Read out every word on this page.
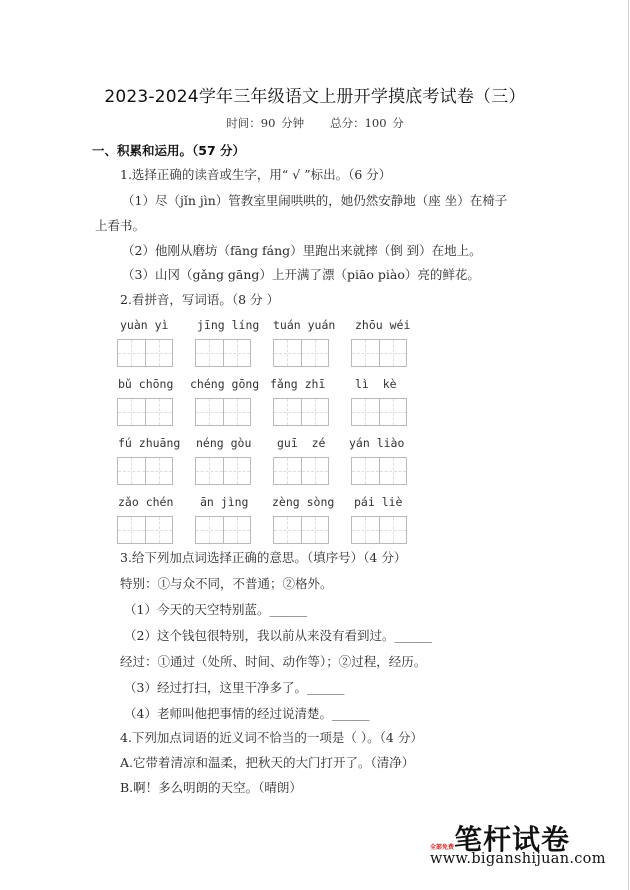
2023-2024学年三年级语文上册开学摸底考试卷（三）
时间：90 分钟 总分：100 分
一、积累和运用。（57 分）
1.选择正确的读音或生字，用“ √ ”标出。（6 分）
（1）尽（jǐn jìn）管教室里闹哄哄的，她仍然安静地（座 坐）在椅子
上看书。
（2）他刚从磨坊（fāng fáng）里跑出来就摔（倒 到）在地上。
（3）山冈（gǎng gāng）上开满了漂（piāo piào）亮的鲜花。
2.看拼音，写词语。（8 分 ）
yuàn yì jīng líng tuán yuán zhōu wéi
bǔ chōng chéng gōng fǎng zhī	lì  kè
fú zhuāng néng gòu guī  zé yán liào
zǎo chén ān jìng zèng sòng pái liè
3.给下列加点词选择正确的意思。（填序号）（4 分）
特别：①与众不同，不普通；②格外。
（1）今天的天空特别蓝。______
（2）这个钱包很特别，我以前从来没有看到过。______
经过：①通过（处所、时间、动作等）；②过程，经历。
（3）经过打扫，这里干净多了。______
（4）老师叫他把事情的经过说清楚。______
4.下列加点词语的近义词不恰当的一项是（ ）。（4 分）
A.它带着清凉和温柔，把秋天的大门打开了。（清净）
B.啊！多么明朗的天空。（晴朗）
笔杆试卷
全部免费
www.biganshijuan.com
